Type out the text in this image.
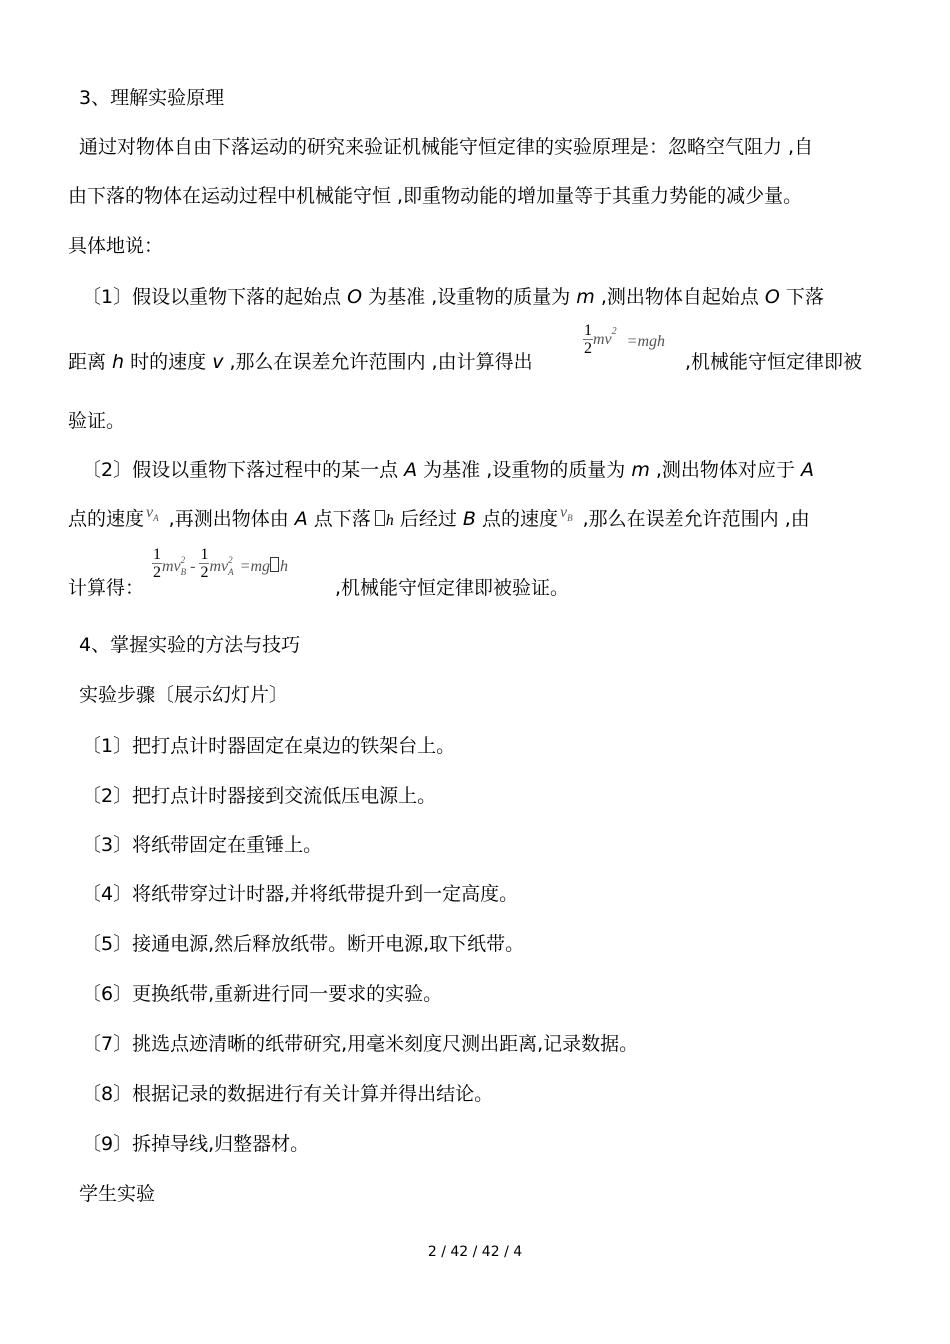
3、理解实验原理
通过对物体自由下落运动的研究来验证机械能守恒定律的实验原理是：忽略空气阻力 ,自
由下落的物体在运动过程中机械能守恒 ,即重物动能的增加量等于其重力势能的减少量。
具体地说：
〔1〕假设以重物下落的起始点 O 为基准 ,设重物的质量为 m ,测出物体自起始点 O 下落
距离 h 时的速度 v ,那么在误差允许范围内 ,由计算得出
$\frac{1}{2} ^{mv2=mgh}$
,机械能守恒定律即被
验证。
〔2〕假设以重物下落过程中的某一点 A 为基准 ,设重物的质量为 m ,测出物体对应于 A
点的速度 $^{v_A}$ ,再测出物体由 A 点下落 h 后经过 B 点的速度 $^{v_B}$ ,那么在误差允许范围内 ,由
计算得：
$\frac{1}{2} ^{mv 2 _B}$ $^- \frac{1}{2} ^{mv 2 _A}$ $^{=mg h}$
,机械能守恒定律即被验证。
4、掌握实验的方法与技巧
实验步骤〔展示幻灯片〕
〔1〕把打点计时器固定在桌边的铁架台上。
〔2〕把打点计时器接到交流低压电源上。
〔3〕将纸带固定在重锤上。
〔4〕将纸带穿过计时器,并将纸带提升到一定高度。
〔5〕接通电源,然后释放纸带。断开电源,取下纸带。
〔6〕更换纸带,重新进行同一要求的实验。
〔7〕挑选点迹清晰的纸带研究,用毫米刻度尺测出距离,记录数据。
〔8〕根据记录的数据进行有关计算并得出结论。
〔9〕拆掉导线,归整器材。
学生实验
2 / 42 / 42 / 4
